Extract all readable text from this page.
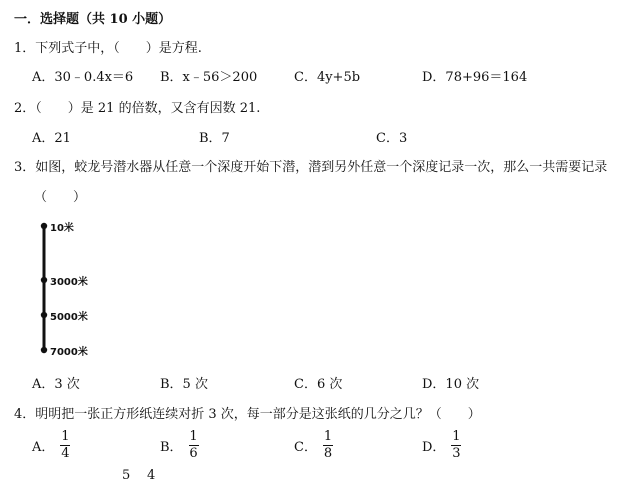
一．选择题（共 10 小题）
1．下列式子中，（　　）是方程.
A．30﹣0.4x＝6 B．x﹣56＞200	C．4y+5b	D．78+96＝164
2．（　　）是 21 的倍数，又含有因数 21.
A．21	B．7	C．3
3．如图，蛟龙号潜水器从任意一个深度开始下潜，潜到另外任意一个深度记录一次，那么一共需要记录
（　　）
10米
3000米
5000米
7000米
A．3 次	B．5 次	C．6 次	D．10 次
4．明明把一张正方形纸连续对折 3 次，每一部分是这张纸的几分之几？（　　）
A． $\frac{1}{4}$	B． $\frac{1}{6}$	C． $\frac{1}{8}$	D． $\frac{1}{3}$
5 4
